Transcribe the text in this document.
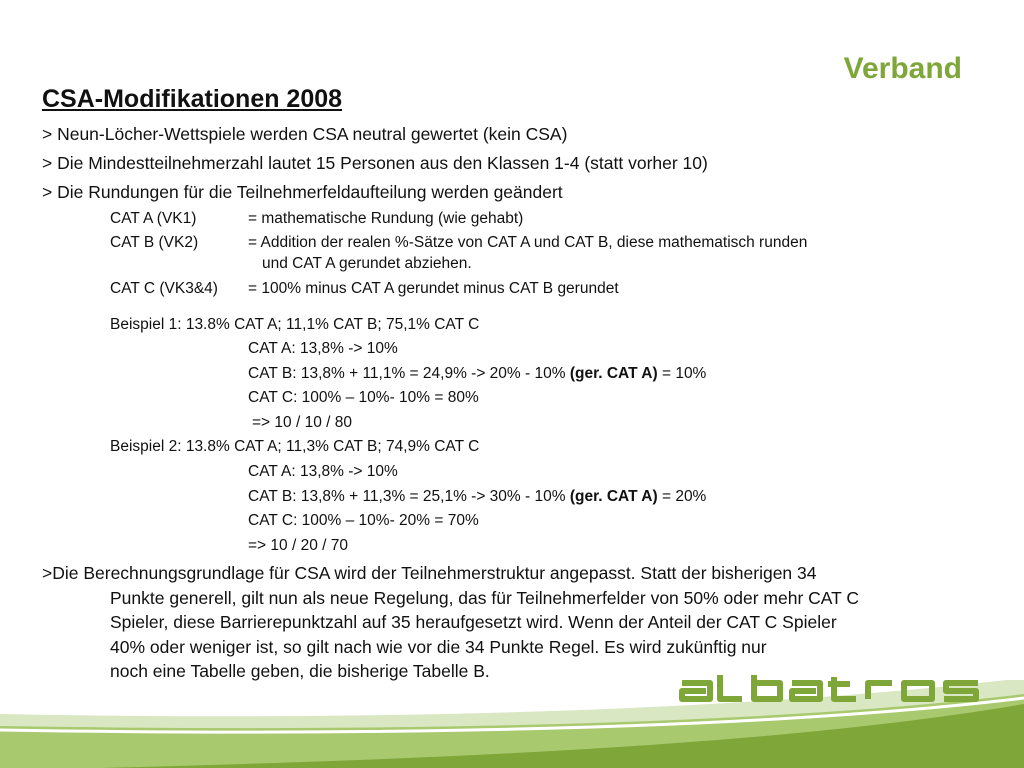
Verband
CSA-Modifikationen 2008
> Neun-Löcher-Wettspiele werden CSA neutral gewertet (kein CSA)
> Die Mindestteilnehmerzahl lautet 15 Personen aus den Klassen 1-4 (statt vorher 10)
> Die Rundungen für die Teilnehmerfeldaufteilung werden geändert
CAT A (VK1)	= mathematische Rundung (wie gehabt)
CAT B (VK2)	= Addition der realen %-Sätze von CAT A und CAT B, diese mathematisch runden
und CAT A gerundet abziehen.
CAT C (VK3&4) = 100% minus CAT A gerundet minus CAT B gerundet
Beispiel 1: 13.8% CAT A; 11,1% CAT B; 75,1% CAT C
CAT A: 13,8% -> 10%
CAT B: 13,8% + 11,1% = 24,9% -> 20% - 10% (ger. CAT A) = 10%
CAT C: 100% – 10%- 10% = 80%
=> 10 / 10 / 80
Beispiel 2: 13.8% CAT A; 11,3% CAT B; 74,9% CAT C
CAT A: 13,8% -> 10%
CAT B: 13,8% + 11,3% = 25,1% -> 30% - 10% (ger. CAT A) = 20%
CAT C: 100% – 10%- 20% = 70%
=> 10 / 20 / 70
>Die Berechnungsgrundlage für CSA wird der Teilnehmerstruktur angepasst. Statt der bisherigen 34
Punkte generell, gilt nun als neue Regelung, das für Teilnehmerfelder von 50% oder mehr CAT C
Spieler, diese Barrierepunktzahl auf 35 heraufgesetzt wird. Wenn der Anteil der CAT C Spieler
40% oder weniger ist, so gilt nach wie vor die 34 Punkte Regel. Es wird zukünftig nur
noch eine Tabelle geben, die bisherige Tabelle B.
